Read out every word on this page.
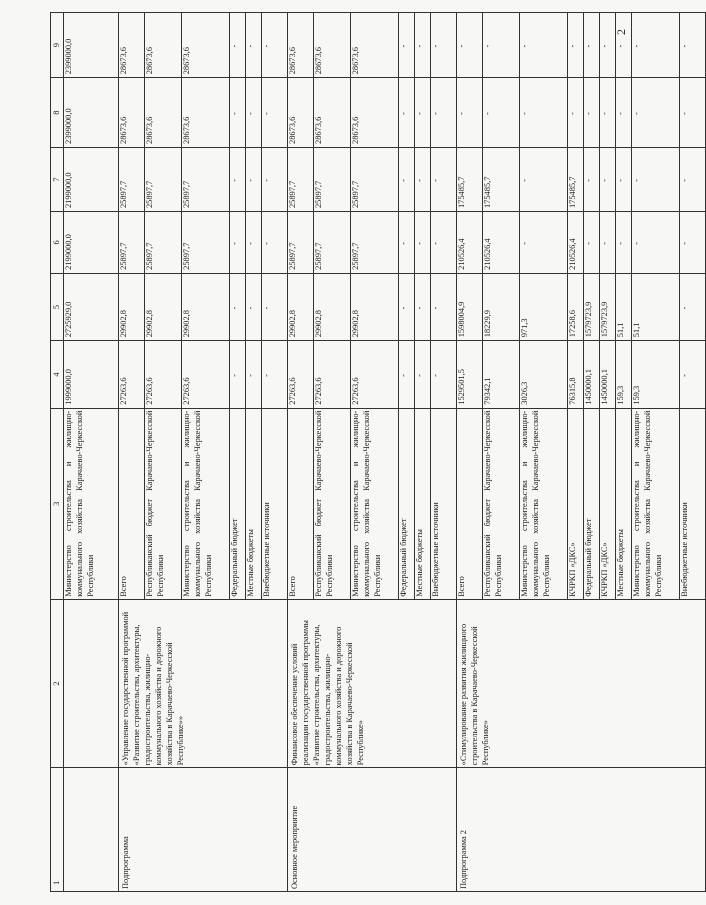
2
1	2	3	4	5	6	7	8	9
		Министерство строительства и жилищно-коммунального хозяйства Карачаево-Черкесской Республики	1999000,0	2725929,0	2199000,0	2199000,0	2399000,0	2399000,0
Подпрограмма	«Управление государственной программой «Развитие строительства, архитектуры, градостроительства, жилищно-коммунального хозяйства и дорожного хозяйства в Карачаево-Черкесской Республике»»	Всего	27263,6	29902,8	25897,7	25897,7	28673,6	28673,6
		Республиканский бюджет Карачаево-Черкесской Республики	27263,6	29902,8	25897,7	25897,7	28673,6	28673,6
		Министерство строительства и жилищно-коммунального хозяйства Карачаево-Черкесской Республики	27263,6	29902,8	25897,7	25897,7	28673,6	28673,6
		Федеральный бюджет	-	-	-	-	-	-
		Местные бюджеты	-	-	-	-	-	-
		Внебюджетные источники	-	-	-	-	-	-
Основное мероприятие	Финансовое обеспечение условий реализации государственной программы «Развитие строительства, архитектуры, градостроительства, жилищно-коммунального хозяйства и дорожного хозяйства в Карачаево-Черкесской Республике»	Всего	27263,6	29902,8	25897,7	25897,7	28673,6	28673,6
		Республиканский бюджет Карачаево-Черкесской Республики	27263,6	29902,8	25897,7	25897,7	28673,6	28673,6
		Министерство строительства и жилищно-коммунального хозяйства Карачаево-Черкесской Республики	27263,6	29902,8	25897,7	25897,7	28673,6	28673,6
		Федеральный бюджет	-	-	-	-	-	-
		Местные бюджеты	-	-	-	-	-	-
		Внебюджетные источники	-	-	-	-	-	-
Подпрограмма 2	«Стимулирование развития жилищного строительства в Карачаево-Черкесской Республике»	Всего	1529501,5	1598004,9	210526,4	175485,7	-	-
		Республиканский бюджет Карачаево-Черкесской Республики	79342,1	18229,9	210526,4	175485,7	-	-
		Министерство строительства и жилищно-коммунального хозяйства Карачаево-Черкесской Республики	3026,3	971,3	-	-	-	-
		КЧРКП «ДКС»	76315,8	17258,6	210526,4	175485,7	-	-
		Федеральный бюджет	1450000,1	1579723,9	-	-	-	-
		КЧРКП «ДКС»	1450000,1	1579723,9	-	-	-	-
		Местные бюджеты	159,3	51,1	-	-	-	-
		Министерство строительства и жилищно-коммунального хозяйства Карачаево-Черкесской Республики	159,3	51,1	-	-	-	-
		Внебюджетные источники	-	-	-	-	-	-
